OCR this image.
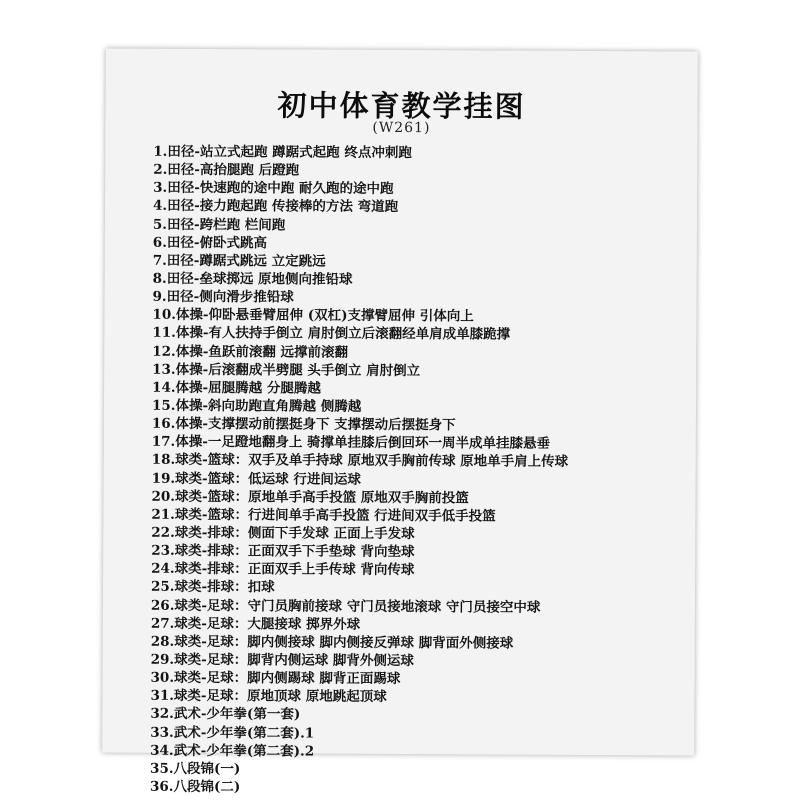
初中体育教学挂图
(W261)
1.田径-站立式起跑 蹲踞式起跑 终点冲刺跑
2.田径-高抬腿跑 后蹬跑
3.田径-快速跑的途中跑 耐久跑的途中跑
4.田径-接力跑起跑 传接棒的方法 弯道跑
5.田径-跨栏跑 栏间跑
6.田径-俯卧式跳高
7.田径-蹲踞式跳远 立定跳远
8.田径-垒球掷远 原地侧向推铅球
9.田径-侧向滑步推铅球
10.体操-仰卧悬垂臂屈伸 (双杠)支撑臂屈伸 引体向上
11.体操-有人扶持手倒立 肩肘倒立后滚翻经单肩成单膝跪撑
12.体操-鱼跃前滚翻 远撑前滚翻
13.体操-后滚翻成半劈腿 头手倒立 肩肘倒立
14.体操-屈腿腾越 分腿腾越
15.体操-斜向助跑直角腾越 侧腾越
16.体操-支撑摆动前摆挺身下 支撑摆动后摆挺身下
17.体操-一足蹬地翻身上 骑撑单挂膝后倒回环一周半成单挂膝悬垂
18.球类-篮球：双手及单手持球 原地双手胸前传球 原地单手肩上传球
19.球类-篮球：低运球 行进间运球
20.球类-篮球：原地单手高手投篮 原地双手胸前投篮
21.球类-篮球：行进间单手高手投篮 行进间双手低手投篮
22.球类-排球：侧面下手发球 正面上手发球
23.球类-排球：正面双手下手垫球 背向垫球
24.球类-排球：正面双手上手传球 背向传球
25.球类-排球：扣球
26.球类-足球：守门员胸前接球 守门员接地滚球 守门员接空中球
27.球类-足球：大腿接球 掷界外球
28.球类-足球：脚内侧接球 脚内侧接反弹球 脚背面外侧接球
29.球类-足球：脚背内侧运球 脚背外侧运球
30.球类-足球：脚内侧踢球 脚背正面踢球
31.球类-足球：原地顶球 原地跳起顶球
32.武术-少年拳(第一套)
33.武术-少年拳(第二套).1
34.武术-少年拳(第二套).2
35.八段锦(一)
36.八段锦(二)
